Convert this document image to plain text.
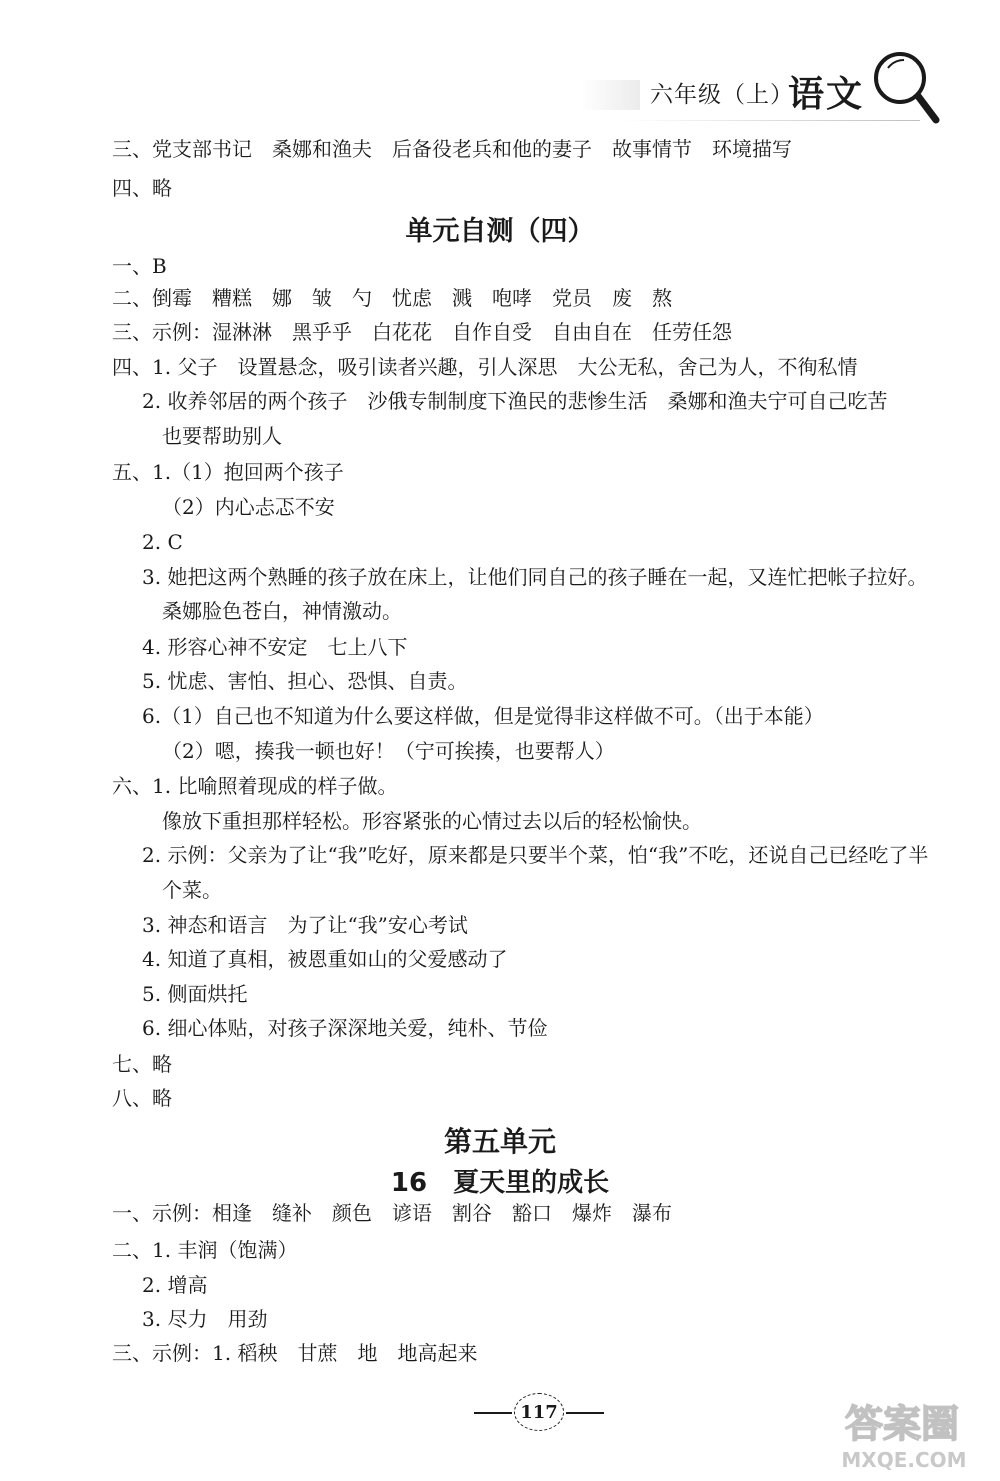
六年级（上）
语文
三、党支部书记　桑娜和渔夫　后备役老兵和他的妻子　故事情节　环境描写
四、略
单元自测（四）
一、B
二、倒霉　糟糕　娜　皱　勺　忧虑　溅　咆哮　党员　废　熬
三、示例：湿淋淋　黑乎乎　白花花　自作自受　自由自在　任劳任怨
四、1. 父子　设置悬念，吸引读者兴趣，引人深思　大公无私，舍己为人，不徇私情
2. 收养邻居的两个孩子　沙俄专制制度下渔民的悲惨生活　桑娜和渔夫宁可自己吃苦
也要帮助别人
五、1.（1）抱回两个孩子
（2）内心忐忑不安
2. C
3. 她把这两个熟睡的孩子放在床上，让他们同自己的孩子睡在一起，又连忙把帐子拉好。
桑娜脸色苍白，神情激动。
4. 形容心神不安定　七上八下
5. 忧虑、害怕、担心、恐惧、自责。
6.（1）自己也不知道为什么要这样做，但是觉得非这样做不可。（出于本能）
（2）嗯，揍我一顿也好！（宁可挨揍，也要帮人）
六、1. 比喻照着现成的样子做。
像放下重担那样轻松。形容紧张的心情过去以后的轻松愉快。
2. 示例：父亲为了让“我”吃好，原来都是只要半个菜，怕“我”不吃，还说自己已经吃了半
个菜。
3. 神态和语言　为了让“我”安心考试
4. 知道了真相，被恩重如山的父爱感动了
5. 侧面烘托
6. 细心体贴，对孩子深深地关爱，纯朴、节俭
七、略
八、略
第五单元
16　夏天里的成长
一、示例：相逢　缝补　颜色　谚语　割谷　豁口　爆炸　瀑布
二、1. 丰润（饱满）
2. 增高
3. 尽力　用劲
三、示例：1. 稻秧　甘蔗　地　地高起来
117	答案圈
MXQE.COM
